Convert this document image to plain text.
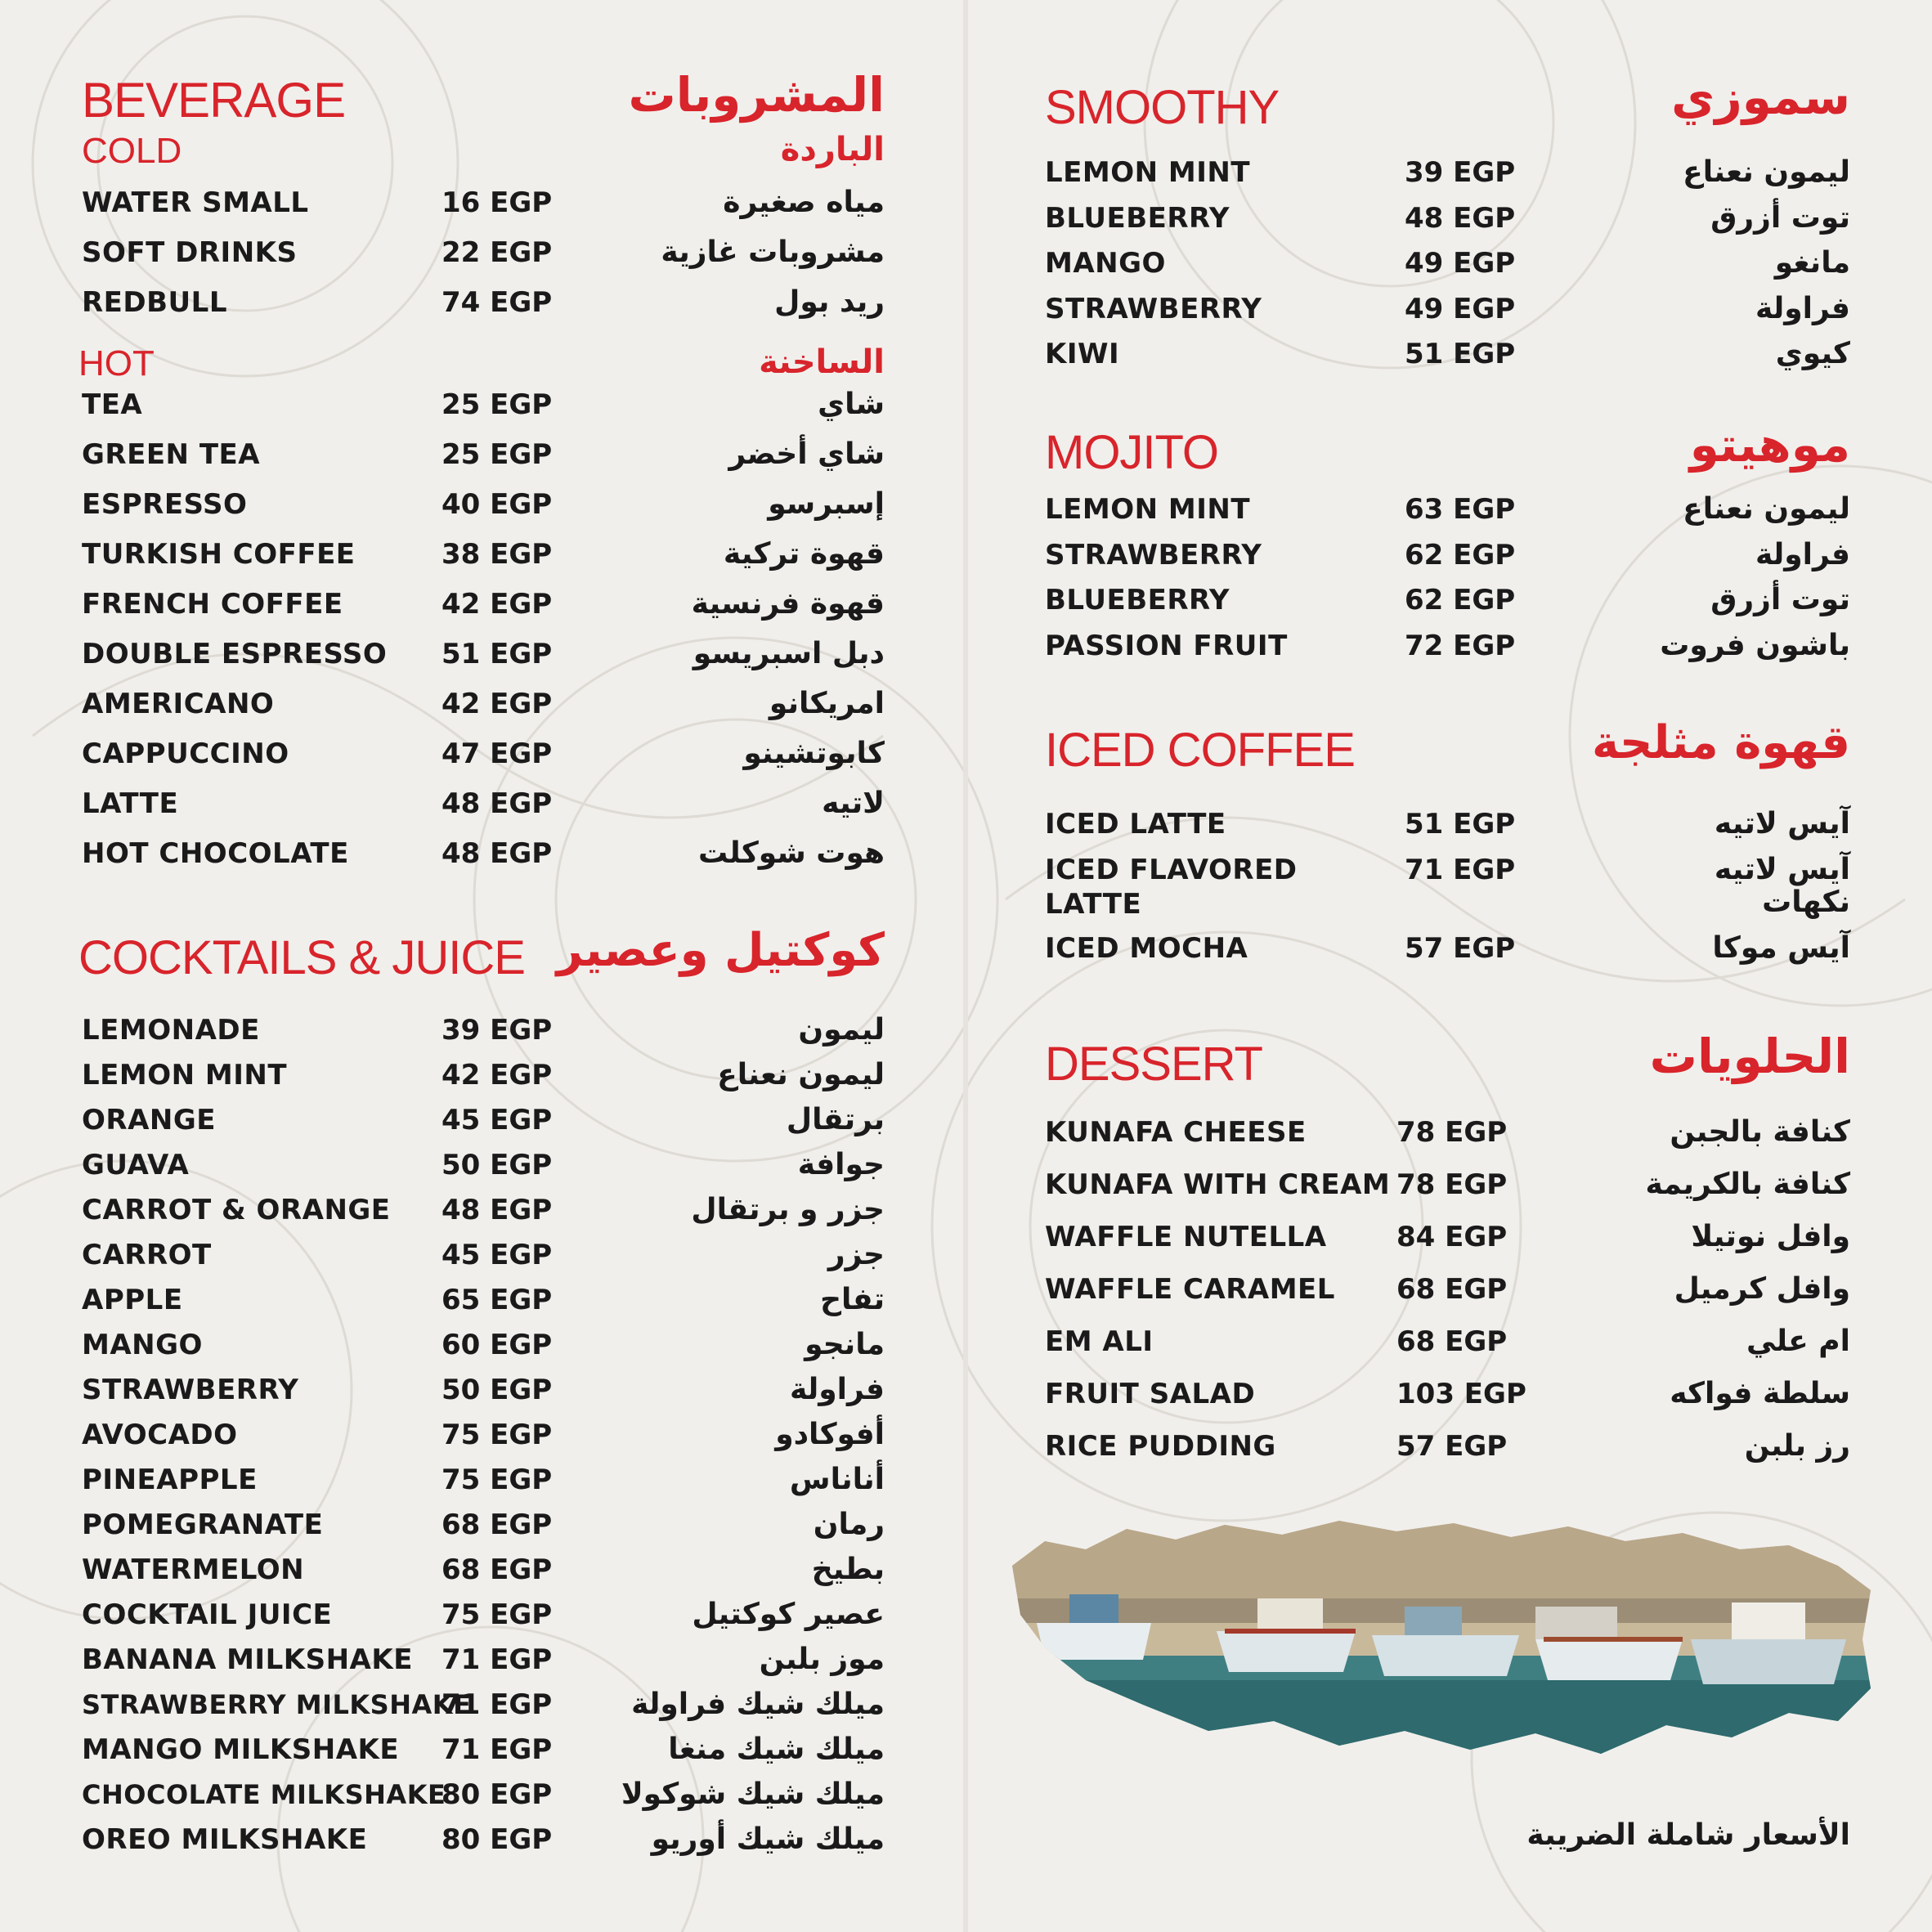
BEVERAGE	المشروبات
COLD	الباردة
WATER SMALL	16 EGP	مياه صغيرة
SOFT DRINKS	22 EGP	مشروبات غازية
REDBULL	74 EGP	ريد بول
HOT	الساخنة
TEA	25 EGP	شاي
GREEN TEA	25 EGP	شاي أخضر
ESPRESSO	40 EGP	إسبرسو
TURKISH COFFEE	38 EGP	قهوة تركية
FRENCH COFFEE	42 EGP	قهوة فرنسية
DOUBLE ESPRESSO 51 EGP	دبل اسبريسو
AMERICANO	42 EGP	امريكانو
CAPPUCCINO	47 EGP	كابوتشينو
LATTE	48 EGP	لاتيه
HOT CHOCOLATE	48 EGP	هوت شوكلت
COCKTAILS & JUICE كوكتيل وعصير
LEMONADE	39 EGP	ليمون
LEMON MINT	42 EGP	ليمون نعناع
ORANGE	45 EGP	برتقال
GUAVA	50 EGP	جوافة
CARROT & ORANGE 48 EGP	جزر و برتقال
CARROT	45 EGP	جزر
APPLE	65 EGP	تفاح
MANGO	60 EGP	مانجو
STRAWBERRY	50 EGP	فراولة
AVOCADO	75 EGP	أفوكادو
PINEAPPLE	75 EGP	أناناس
POMEGRANATE	68 EGP	رمان
WATERMELON	68 EGP	بطيخ
COCKTAIL JUICE	75 EGP	عصير كوكتيل
BANANA MILKSHAKE 71 EGP	موز بلبن
STRAWBERRY MILKSHAKE
71 EGP	ميلك شيك فراولة
MANGO MILKSHAKE 71 EGP	ميلك شيك منغا
CHOCOLATE MILKSHAKE
80 EGP ميلك شيك شوكولا
OREO MILKSHAKE	80 EGP	ميلك شيك أوريو
SMOOTHY	سموزي
LEMON MINT	39 EGP	ليمون نعناع
BLUEBERRY	48 EGP	توت أزرق
MANGO	49 EGP	مانغو
STRAWBERRY	49 EGP	فراولة
KIWI	51 EGP	كيوي
MOJITO	موهيتو
LEMON MINT	63 EGP	ليمون نعناع
STRAWBERRY	62 EGP	فراولة
BLUEBERRY	62 EGP	توت أزرق
PASSION FRUIT	72 EGP	باشون فروت
ICED COFFEE	قهوة مثلجة
ICED LATTE	51 EGP	آيس لاتيه
ICED FLAVORED
LATTE
71 EGP	آيس لاتيه
نكهات
ICED MOCHA	57 EGP	آيس موكا
DESSERT	الحلويات
KUNAFA CHEESE	78 EGP	كنافة بالجبن
KUNAFA WITH CREAM 78 EGP	كنافة بالكريمة
WAFFLE NUTELLA	84 EGP	وافل نوتيلا
WAFFLE CARAMEL 68 EGP	وافل كرميل
EM ALI	68 EGP	ام علي
FRUIT SALAD	103 EGP	سلطة فواكه
RICE PUDDING	57 EGP	رز بلبن
الأسعار شاملة الضريبة
